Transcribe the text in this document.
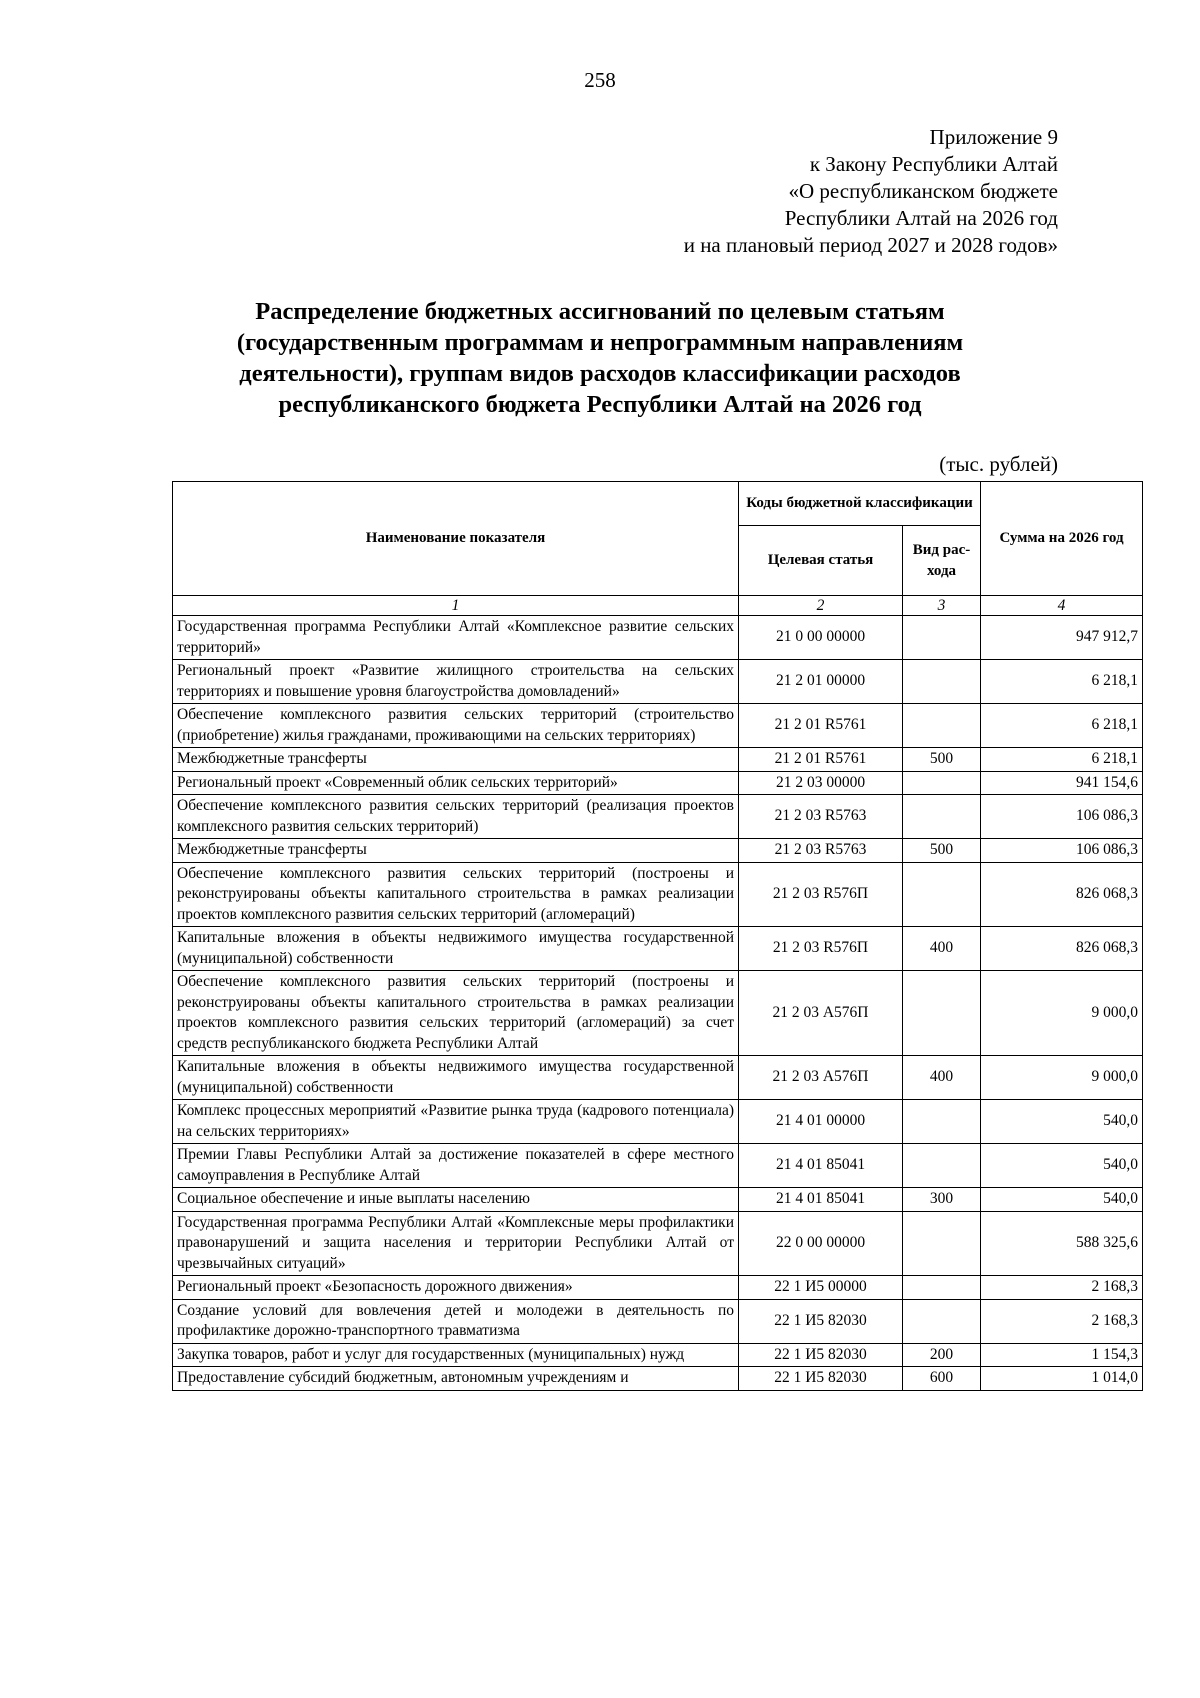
258
Приложение 9
к Закону Республики Алтай
«О республиканском бюджете
Республики Алтай на 2026 год
и на плановый период 2027 и 2028 годов»
Распределение бюджетных ассигнований по целевым статьям
(государственным программам и непрограммным направлениям
деятельности), группам видов расходов классификации расходов
республиканского бюджета Республики Алтай на 2026 год
(тыс. рублей)
Наименование показателя	Коды бюджетной классификации		Сумма на 2026 год
	Целевая статья	Вид рас-хода	
1	2	3	4
Государственная программа Республики Алтай «Комплексное развитие сельских территорий»	21 0 00 00000		947 912,7
Региональный проект «Развитие жилищного строительства на сельских территориях и повышение уровня благоустройства домовладений»	21 2 01 00000		6 218,1
Обеспечение комплексного развития сельских территорий (строительство (приобретение) жилья гражданами, проживающими на сельских территориях)	21 2 01 R5761		6 218,1
Межбюджетные трансферты	21 2 01 R5761	500	6 218,1
Региональный проект «Современный облик сельских территорий»	21 2 03 00000		941 154,6
Обеспечение комплексного развития сельских территорий (реализация проектов комплексного развития сельских территорий)	21 2 03 R5763		106 086,3
Межбюджетные трансферты	21 2 03 R5763	500	106 086,3
Обеспечение комплексного развития сельских территорий (построены и реконструированы объекты капитального строительства в рамках реализации проектов комплексного развития сельских территорий (агломераций)	21 2 03 R576П		826 068,3
Капитальные вложения в объекты недвижимого имущества государственной (муниципальной) собственности	21 2 03 R576П	400	826 068,3
Обеспечение комплексного развития сельских территорий (построены и реконструированы объекты капитального строительства в рамках реализации проектов комплексного развития сельских территорий (агломераций) за счет средств республиканского бюджета Республики Алтай	21 2 03 А576П		9 000,0
Капитальные вложения в объекты недвижимого имущества государственной (муниципальной) собственности	21 2 03 А576П	400	9 000,0
Комплекс процессных мероприятий «Развитие рынка труда (кадрового потенциала) на сельских территориях»	21 4 01 00000		540,0
Премии Главы Республики Алтай за достижение показателей в сфере местного самоуправления в Республике Алтай	21 4 01 85041		540,0
Социальное обеспечение и иные выплаты населению	21 4 01 85041	300	540,0
Государственная программа Республики Алтай «Комплексные меры профилактики правонарушений и защита населения и территории Республики Алтай от чрезвычайных ситуаций»	22 0 00 00000		588 325,6
Региональный проект «Безопасность дорожного движения»	22 1 И5 00000		2 168,3
Создание условий для вовлечения детей и молодежи в деятельность по профилактике дорожно-транспортного травматизма	22 1 И5 82030		2 168,3
Закупка товаров, работ и услуг для государственных (муниципальных) нужд	22 1 И5 82030	200	1 154,3
Предоставление субсидий бюджетным, автономным учреждениям и	22 1 И5 82030	600	1 014,0
